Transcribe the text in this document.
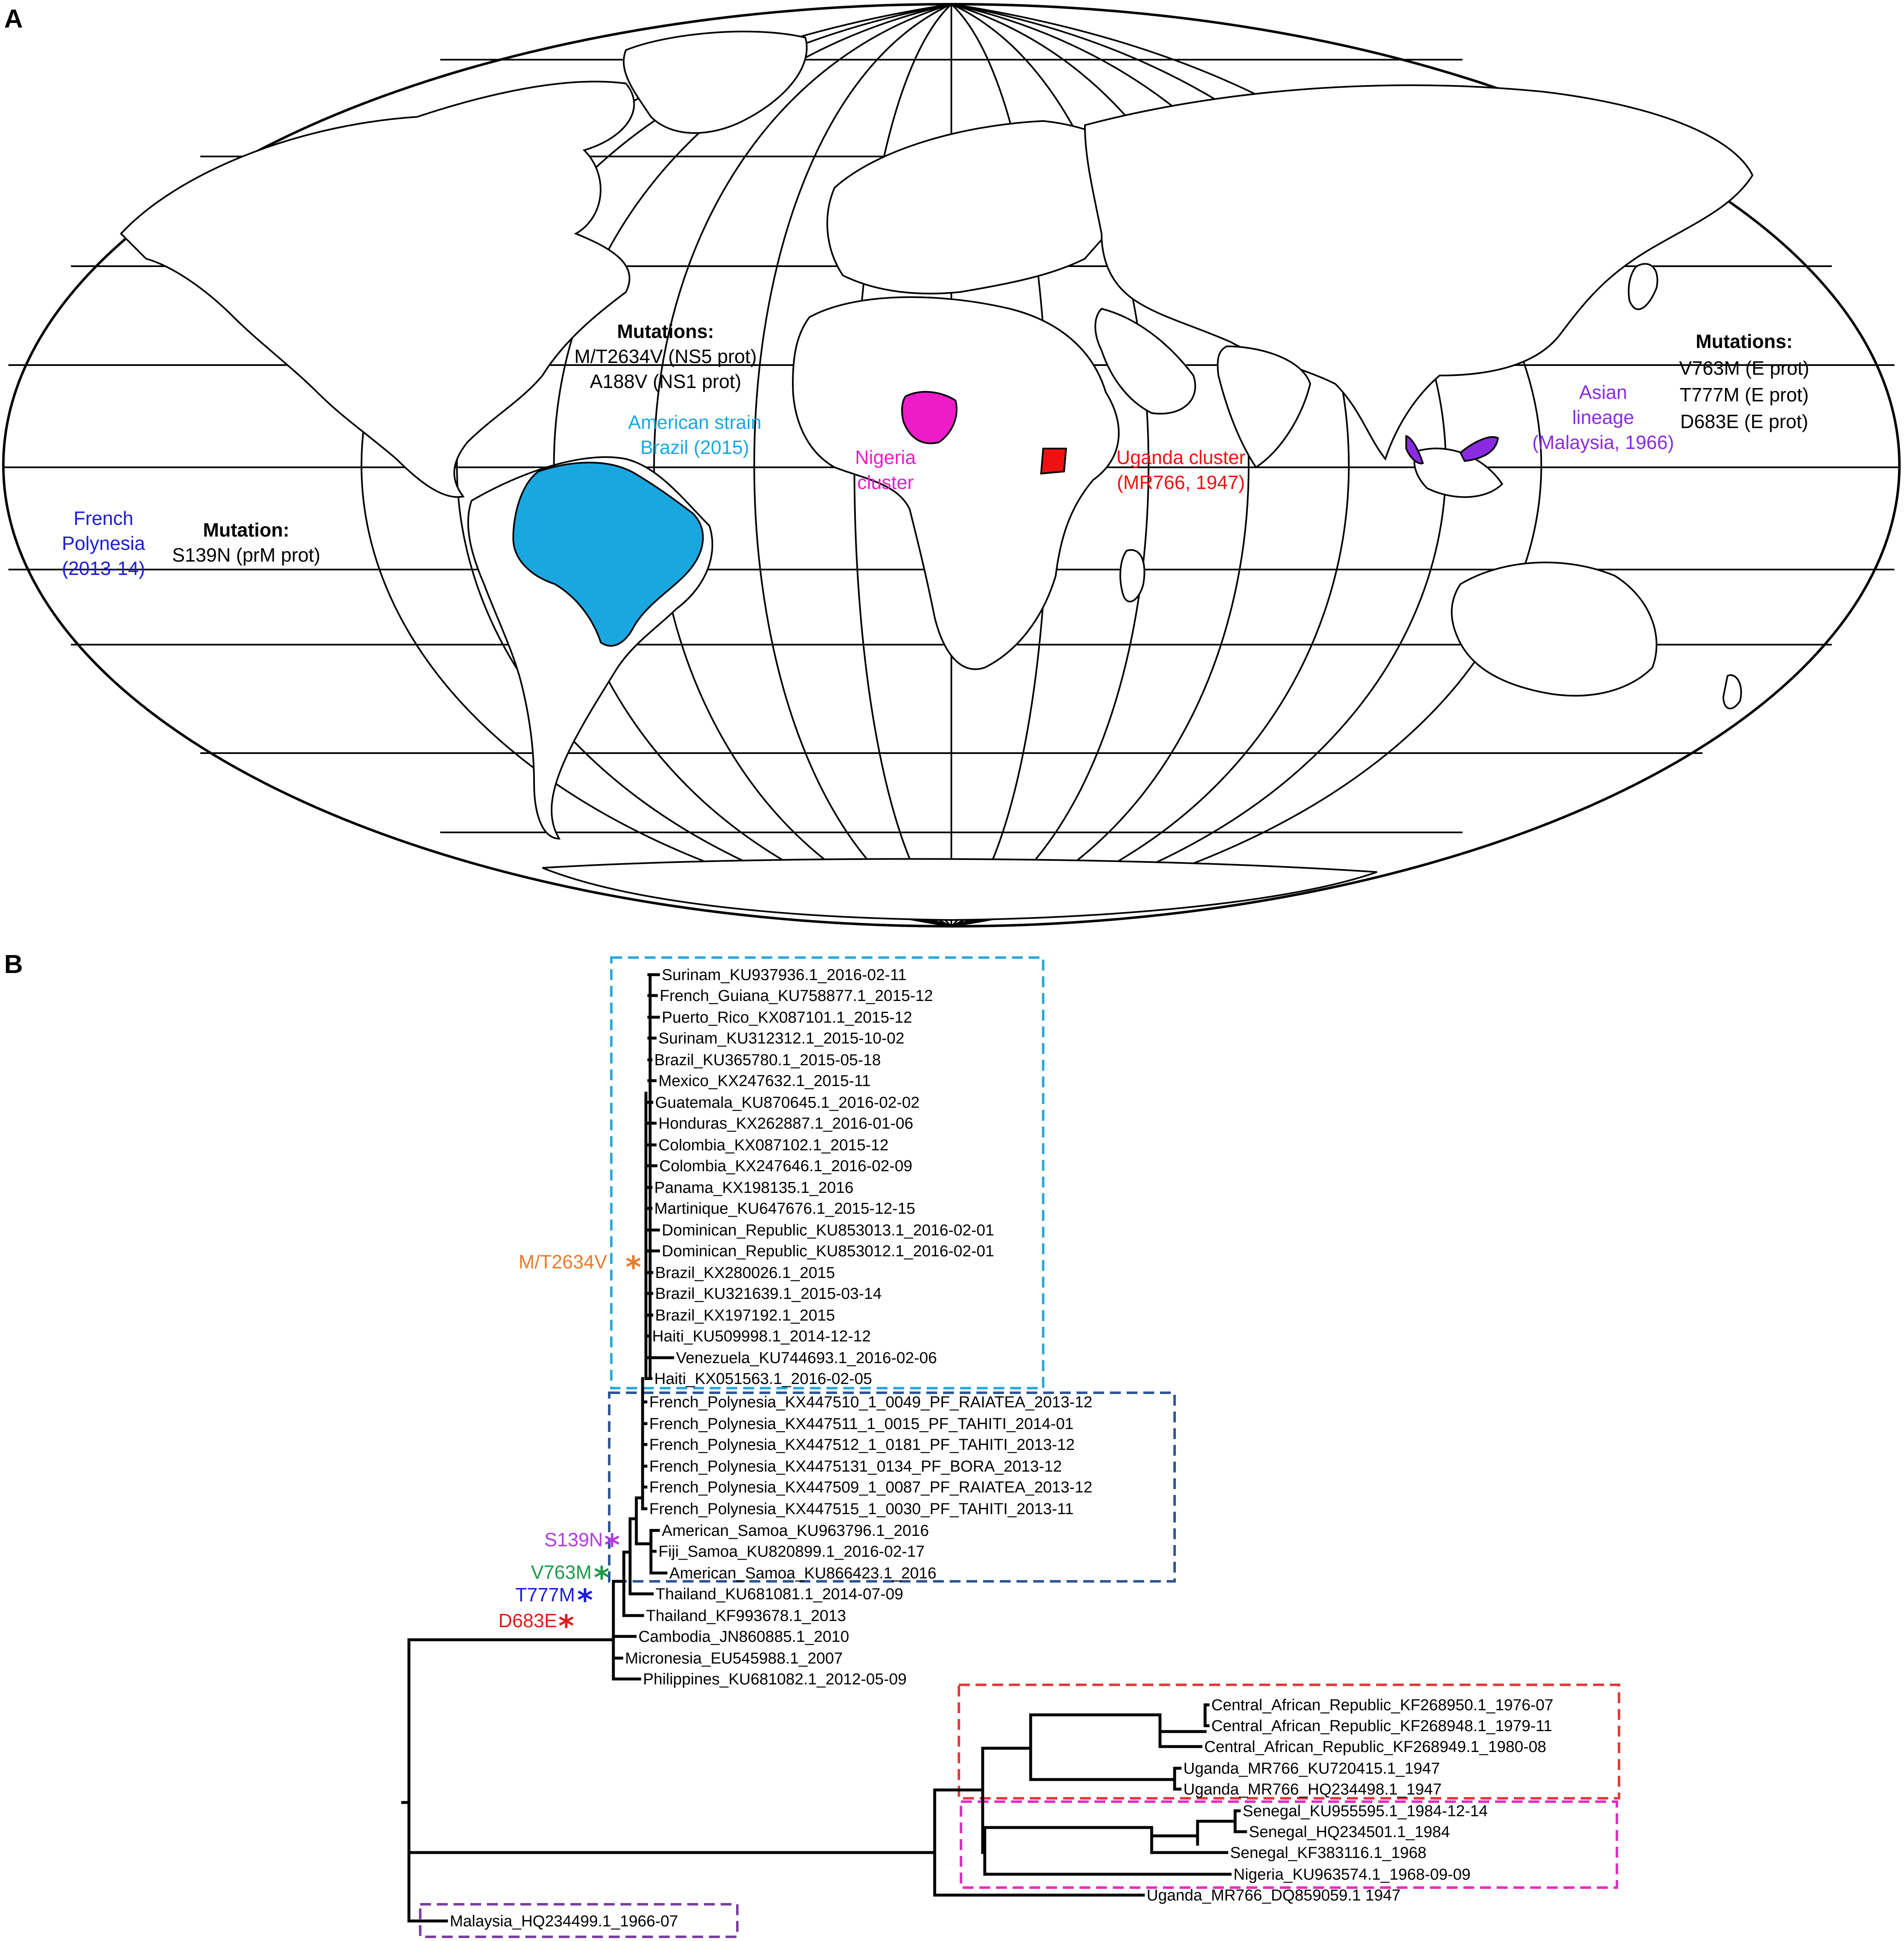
A
Mutations:
M/T2634V (NS5 prot)
A188V (NS1 prot)
American strain
Brazil (2015)	Nigeria
cluster
Uganda cluster
(MR766, 1947)
Mutations:
V763M (E prot)
T777M (E prot)
D683E (E prot)
Asian
lineage
(Malaysia, 1966)
French
Polynesia
(2013-14)
Mutation:
S139N (prM prot)
B	Surinam_KU937936.1_2016-02-11
French_Guiana_KU758877.1_2015-12
Puerto_Rico_KX087101.1_2015-12
Surinam_KU312312.1_2015-10-02
Brazil_KU365780.1_2015-05-18
Mexico_KX247632.1_2015-11
Guatemala_KU870645.1_2016-02-02
Honduras_KX262887.1_2016-01-06
Colombia_KX087102.1_2015-12
Colombia_KX247646.1_2016-02-09
Panama_KX198135.1_2016
Martinique_KU647676.1_2015-12-15
Dominican_Republic_KU853013.1_2016-02-01
Dominican_Republic_KU853012.1_2016-02-01
Brazil_KX280026.1_2015
Brazil_KU321639.1_2015-03-14
Brazil_KX197192.1_2015
Haiti_KU509998.1_2014-12-12
Venezuela_KU744693.1_2016-02-06
Haiti_KX051563.1_2016-02-05
French_Polynesia_KX447510_1_0049_PF_RAIATEA_2013-12
French_Polynesia_KX447511_1_0015_PF_TAHITI_2014-01
French_Polynesia_KX447512_1_0181_PF_TAHITI_2013-12
French_Polynesia_KX4475131_0134_PF_BORA_2013-12
French_Polynesia_KX447509_1_0087_PF_RAIATEA_2013-12
French_Polynesia_KX447515_1_0030_PF_TAHITI_2013-11
American_Samoa_KU963796.1_2016
Fiji_Samoa_KU820899.1_2016-02-17
American_Samoa_KU866423.1_2016
Thailand_KU681081.1_2014-07-09
Thailand_KF993678.1_2013
Cambodia_JN860885.1_2010
Micronesia_EU545988.1_2007
Philippines_KU681082.1_2012-05-09
Central_African_Republic_KF268950.1_1976-07
Central_African_Republic_KF268948.1_1979-11
Central_African_Republic_KF268949.1_1980-08
Uganda_MR766_KU720415.1_1947
Uganda_MR766_HQ234498.1_1947
Senegal_KU955595.1_1984-12-14
Senegal_HQ234501.1_1984
Senegal_KF383116.1_1968
Nigeria_KU963574.1_1968-09-09
Uganda_MR766_DQ859059.1 1947
Malaysia_HQ234499.1_1966-07
M/T2634V *
S139N *
V763M *
T777M *
D683E *
